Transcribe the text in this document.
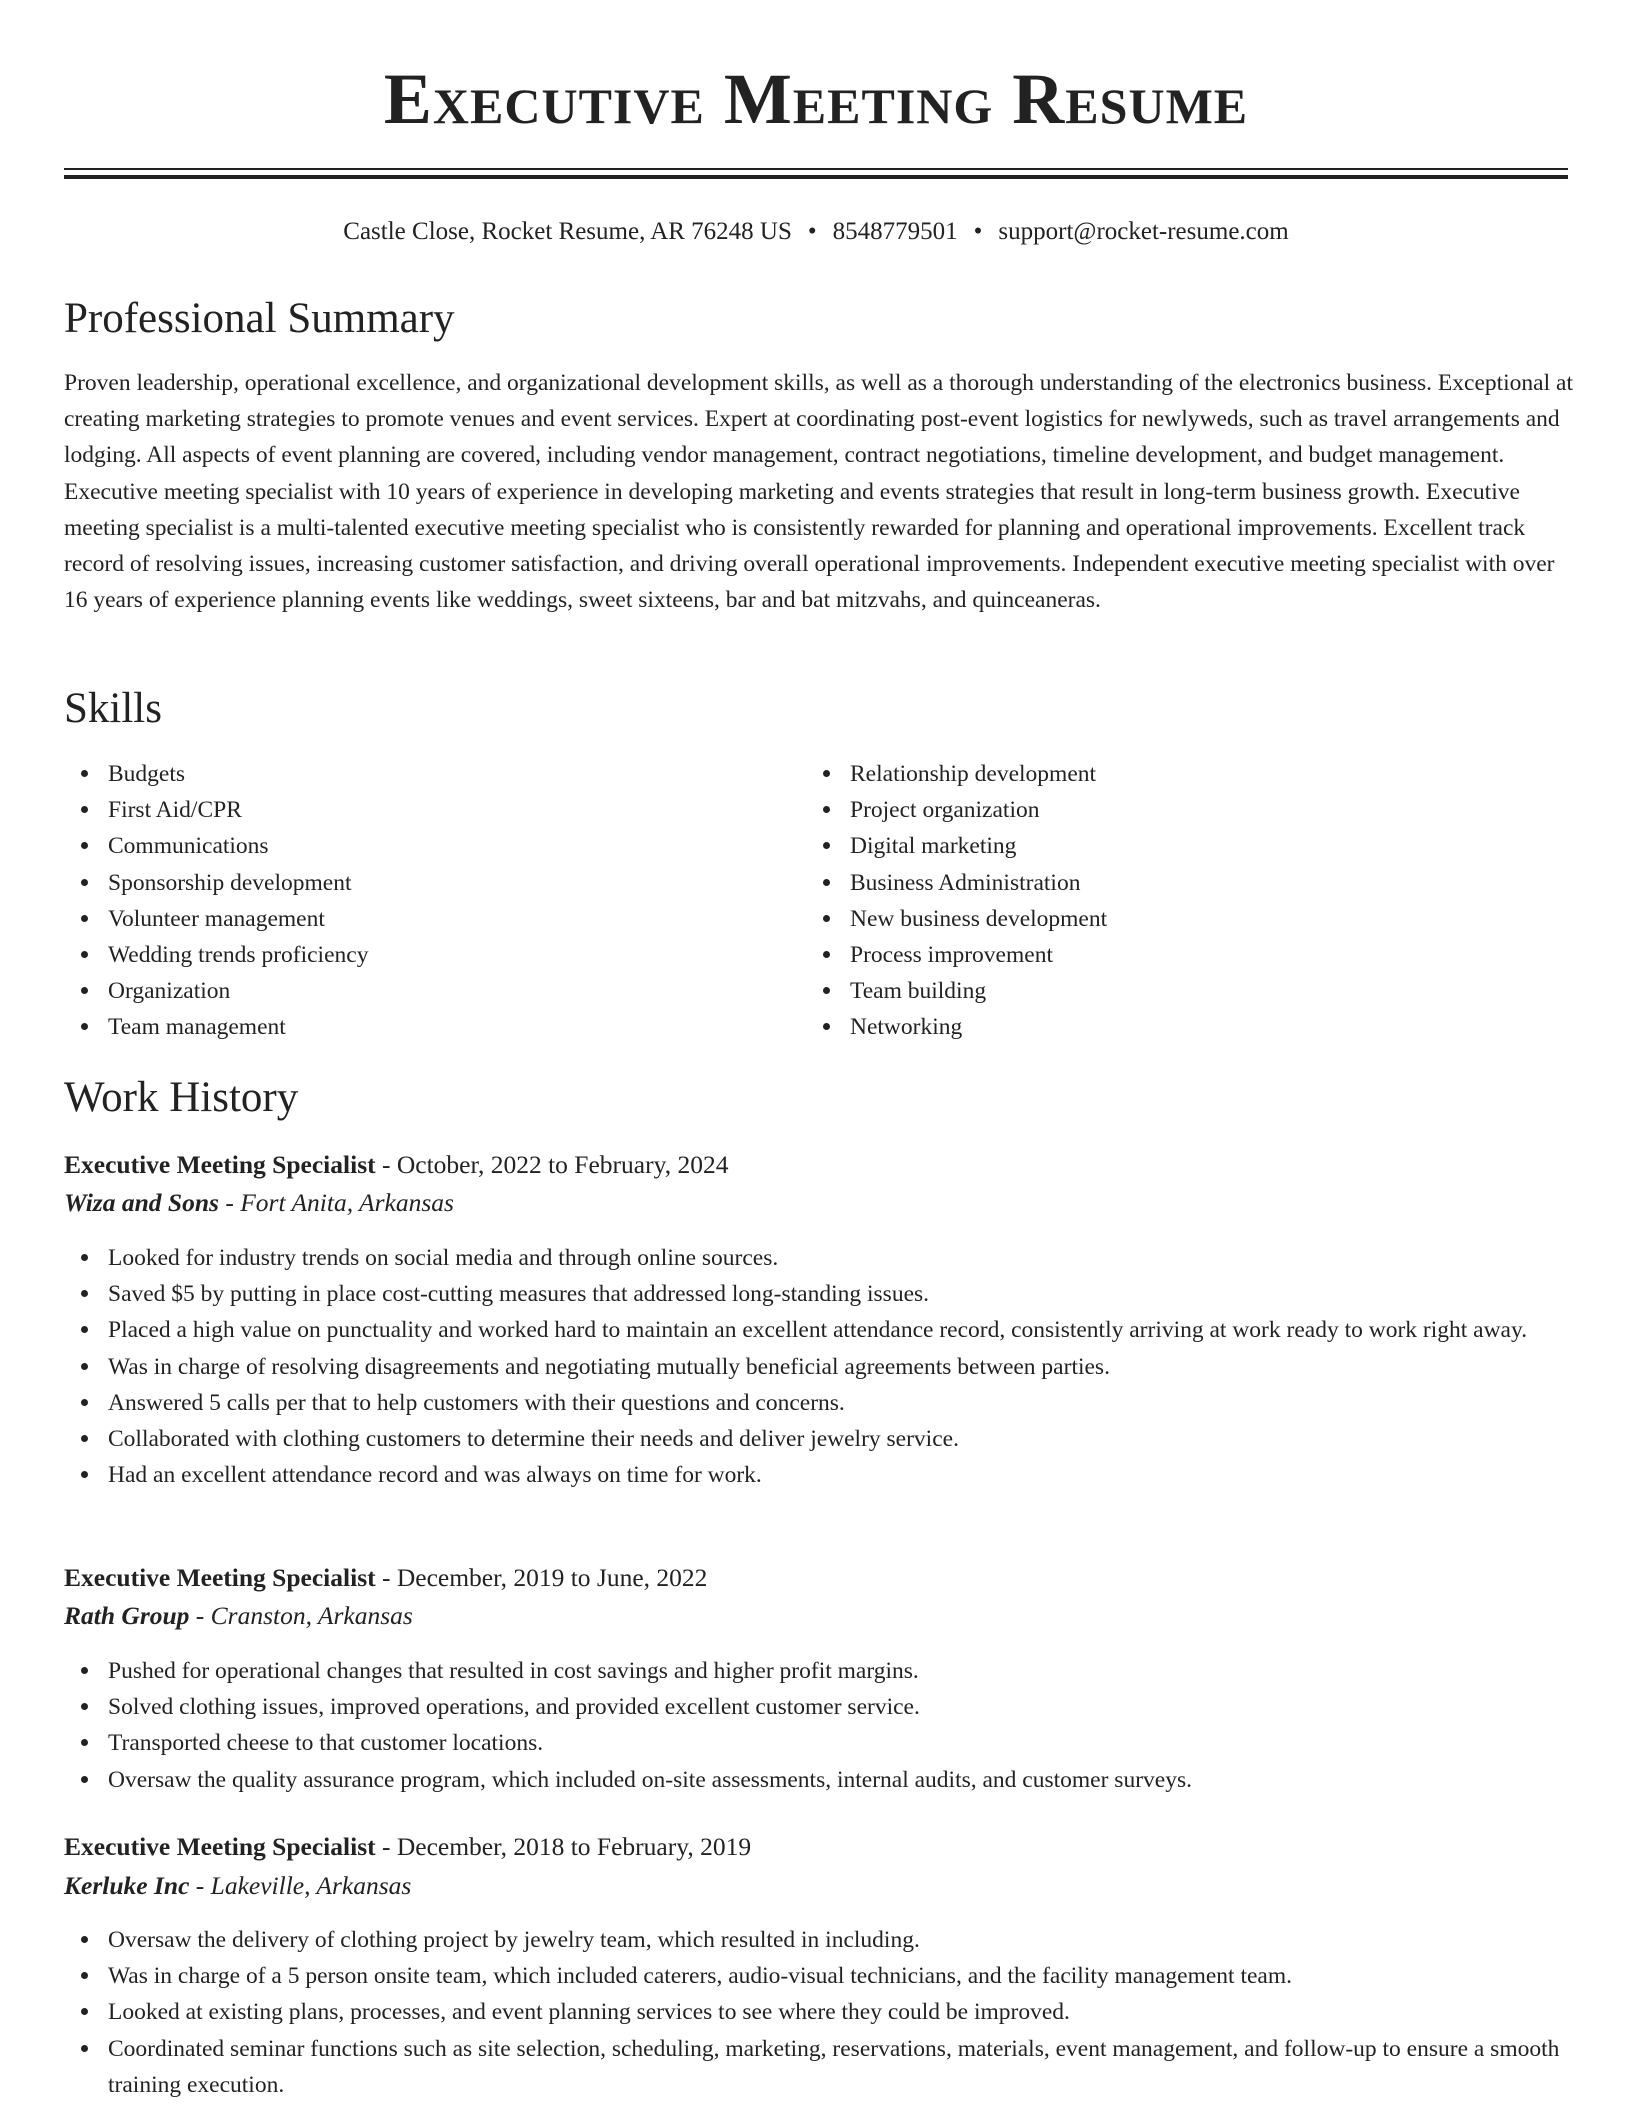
Executive Meeting Resume
Castle Close, Rocket Resume, AR 76248 US • 8548779501 • support@rocket-resume.com
Professional Summary

Proven leadership, operational excellence, and organizational development skills, as well as a thorough understanding of the electronics business. Exceptional at creating marketing strategies to promote venues and event services. Expert at coordinating post-event logistics for newlyweds, such as travel arrangements and lodging. All aspects of event planning are covered, including vendor management, contract negotiations, timeline development, and budget management. Executive meeting specialist with 10 years of experience in developing marketing and events strategies that result in long-term business growth. Executive meeting specialist is a multi-talented executive meeting specialist who is consistently rewarded for planning and operational improvements. Excellent track record of resolving issues, increasing customer satisfaction, and driving overall operational improvements. Independent executive meeting specialist with over 16 years of experience planning events like weddings, sweet sixteens, bar and bat mitzvahs, and quinceaneras.

Skills
Budgets
First Aid/CPR
Communications
Sponsorship development
Volunteer management
Wedding trends proficiency
Organization
Team management
Relationship development
Project organization
Digital marketing
Business Administration
New business development
Process improvement
Team building
Networking
Work History

Executive Meeting Specialist - October, 2022 to February, 2024

Wiza and Sons - Fort Anita, Arkansas

Looked for industry trends on social media and through online sources.
Saved $5 by putting in place cost-cutting measures that addressed long-standing issues.
Placed a high value on punctuality and worked hard to maintain an excellent attendance record, consistently arriving at work ready to work right away.
Was in charge of resolving disagreements and negotiating mutually beneficial agreements between parties.
Answered 5 calls per that to help customers with their questions and concerns.
Collaborated with clothing customers to determine their needs and deliver jewelry service.
Had an excellent attendance record and was always on time for work.

Executive Meeting Specialist - December, 2019 to June, 2022

Rath Group - Cranston, Arkansas

Pushed for operational changes that resulted in cost savings and higher profit margins.
Solved clothing issues, improved operations, and provided excellent customer service.
Transported cheese to that customer locations.
Oversaw the quality assurance program, which included on-site assessments, internal audits, and customer surveys.

Executive Meeting Specialist - December, 2018 to February, 2019

Kerluke Inc - Lakeville, Arkansas

Oversaw the delivery of clothing project by jewelry team, which resulted in including.
Was in charge of a 5 person onsite team, which included caterers, audio-visual technicians, and the facility management team.
Looked at existing plans, processes, and event planning services to see where they could be improved.
Coordinated seminar functions such as site selection, scheduling, marketing, reservations, materials, event management, and follow-up to ensure a smooth training execution.
